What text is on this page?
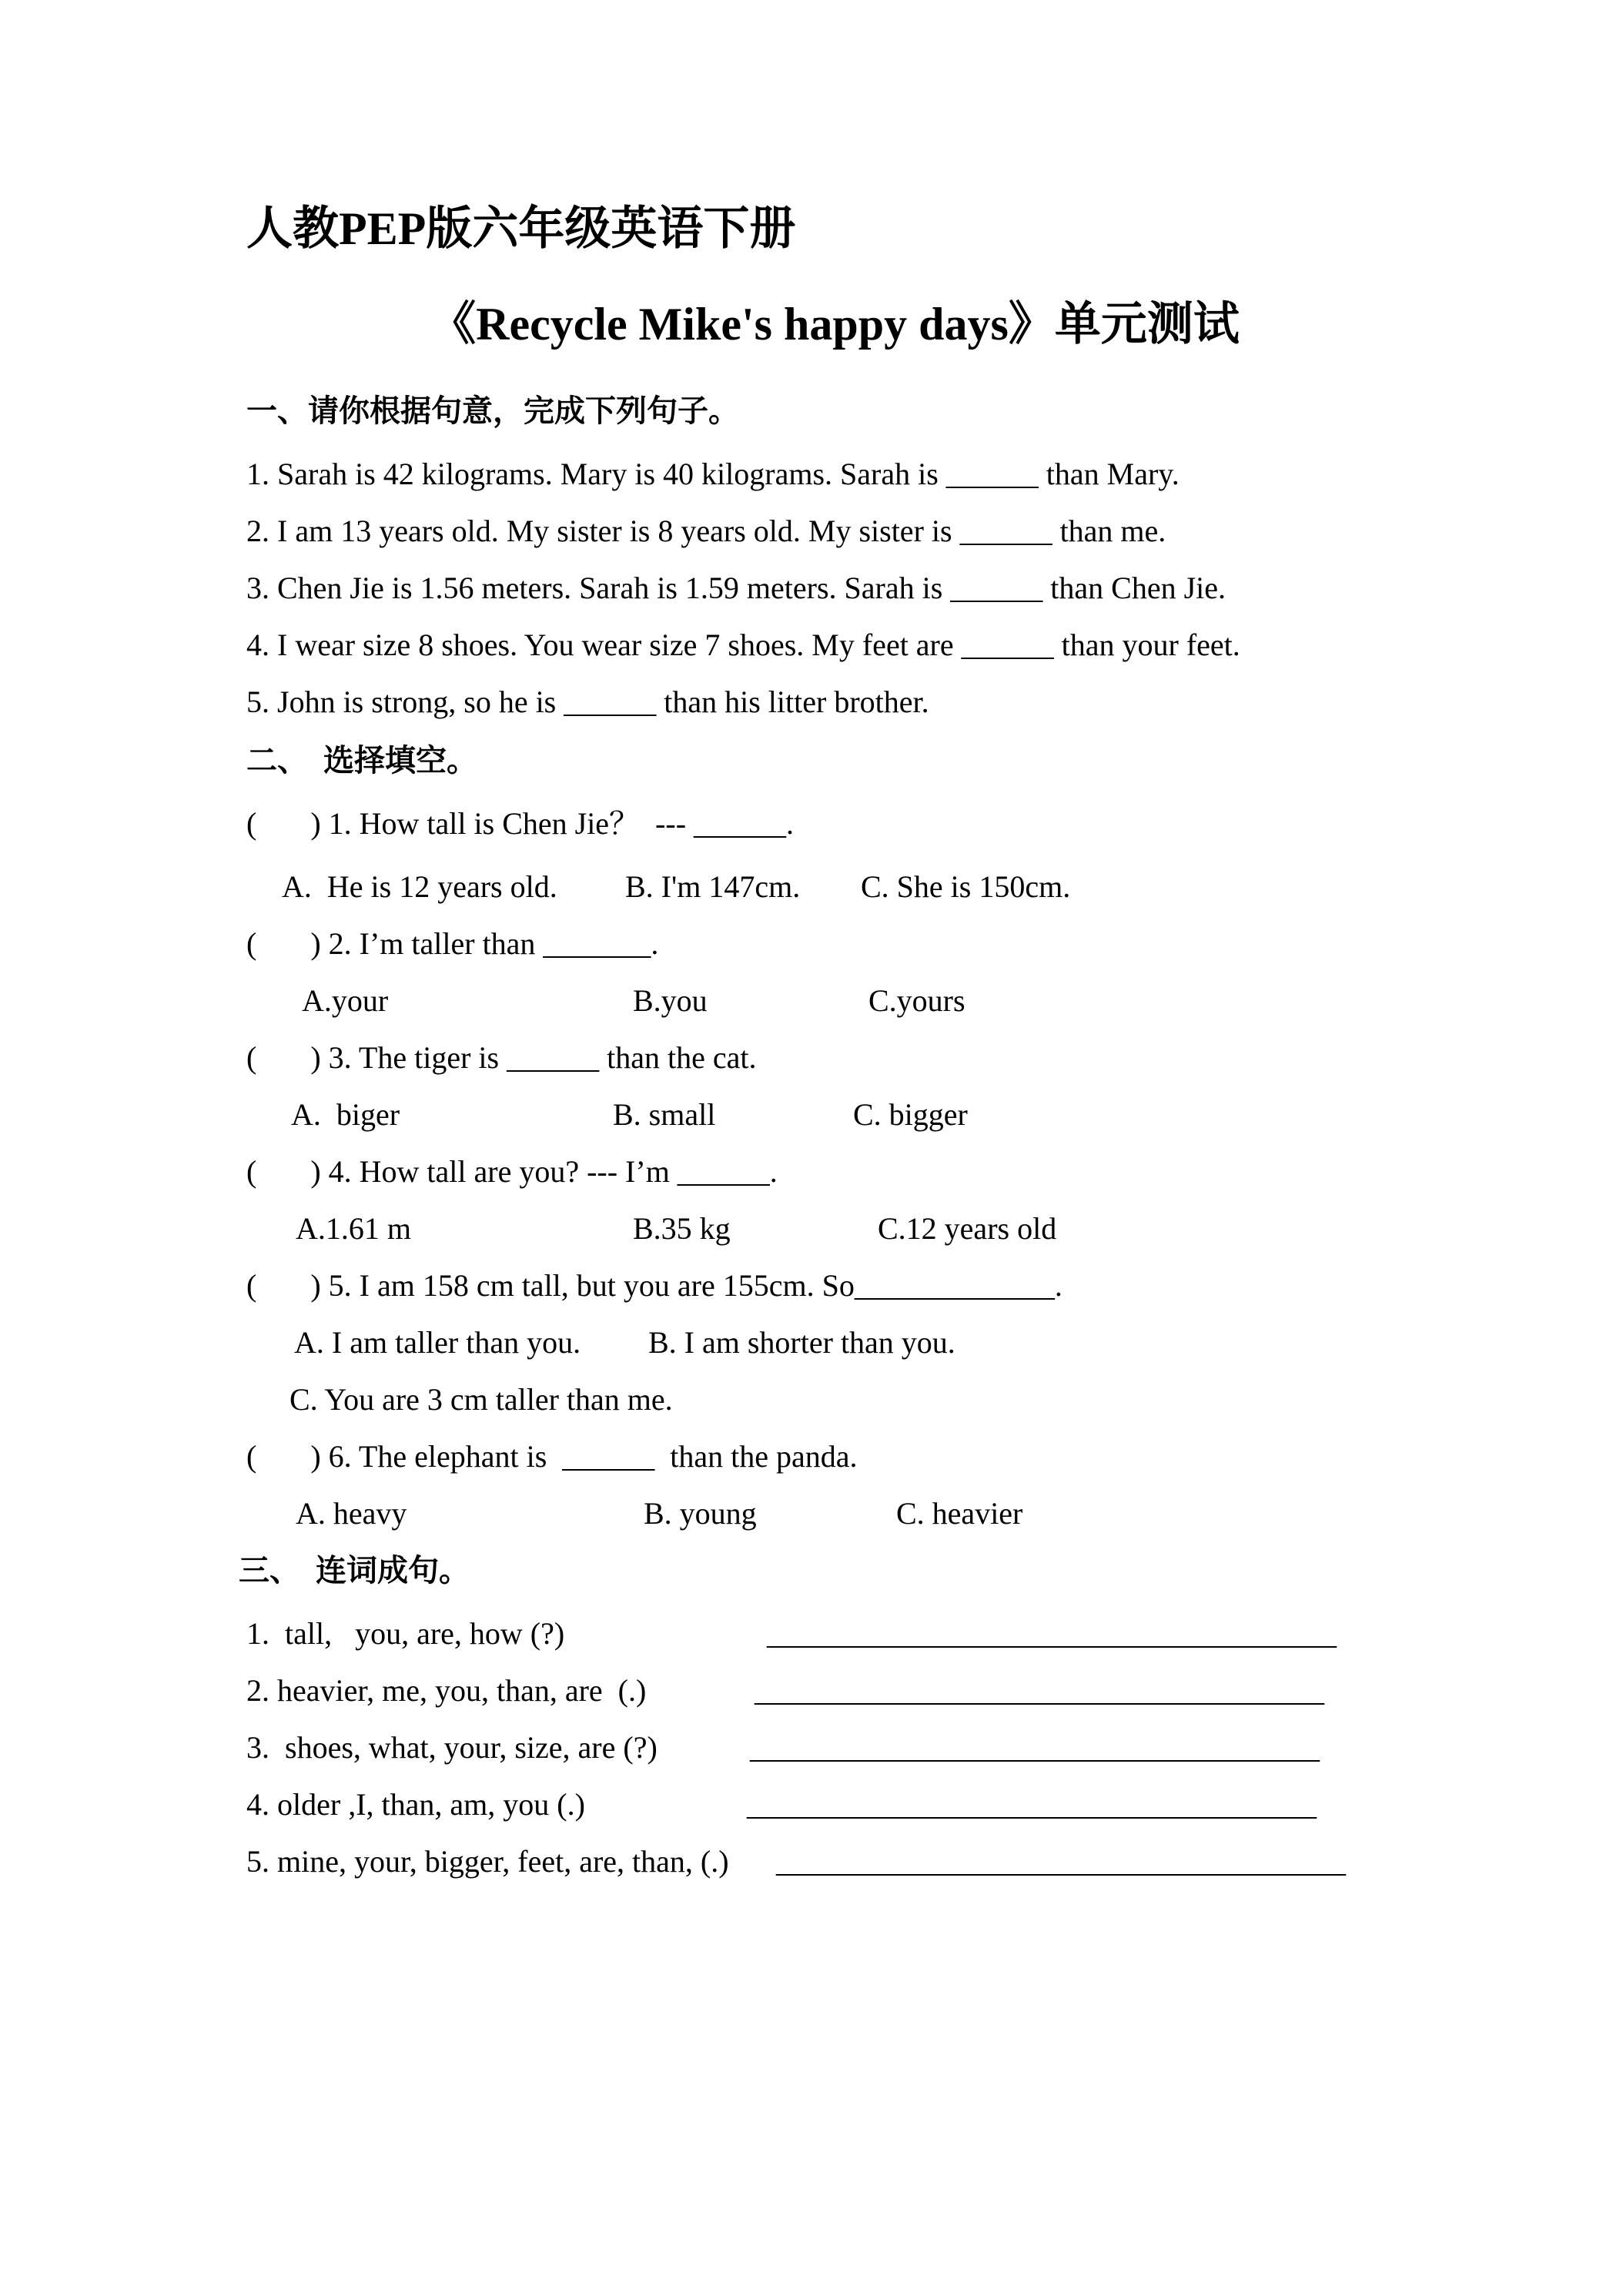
人教PEP版六年级英语下册
《Recycle Mike's happy days》单元测试
一、请你根据句意，完成下列句子。
1. Sarah is 42 kilograms. Mary is 40 kilograms. Sarah is ______ than Mary.
2. I am 13 years old. My sister is 8 years old. My sister is ______ than me.
3. Chen Jie is 1.56 meters. Sarah is 1.59 meters. Sarah is ______ than Chen Jie.
4. I wear size 8 shoes. You wear size 7 shoes. My feet are ______ than your feet.
5. John is strong, so he is ______ than his litter brother.
二、  选择填空。
(       ) 1. How tall is Chen Jie？  --- ______.
A.  He is 12 years old. B. I'm 147cm. C. She is 150cm.
(       ) 2. I’m taller than _______.
A.your	B.you	C.yours
(       ) 3. The tiger is ______ than the cat.
A.  biger	B. small	C. bigger
(       ) 4. How tall are you? --- I’m ______.
A.1.61 m	B.35 kg	C.12 years old
(       ) 5. I am 158 cm tall, but you are 155cm. So_____________.
A. I am taller than you. B. I am shorter than you.
C. You are 3 cm taller than me.
(       ) 6. The elephant is  ______  than the panda.
A. heavy	B. young	C. heavier
三、  连词成句。
1.  tall,   you, are, how (?)	_____________________________________
2. heavier, me, you, than, are  (.)	_____________________________________
3.  shoes, what, your, size, are (?)	_____________________________________
4. older ,I, than, am, you (.)	_____________________________________
5. mine, your, bigger, feet, are, than, (.) _____________________________________
